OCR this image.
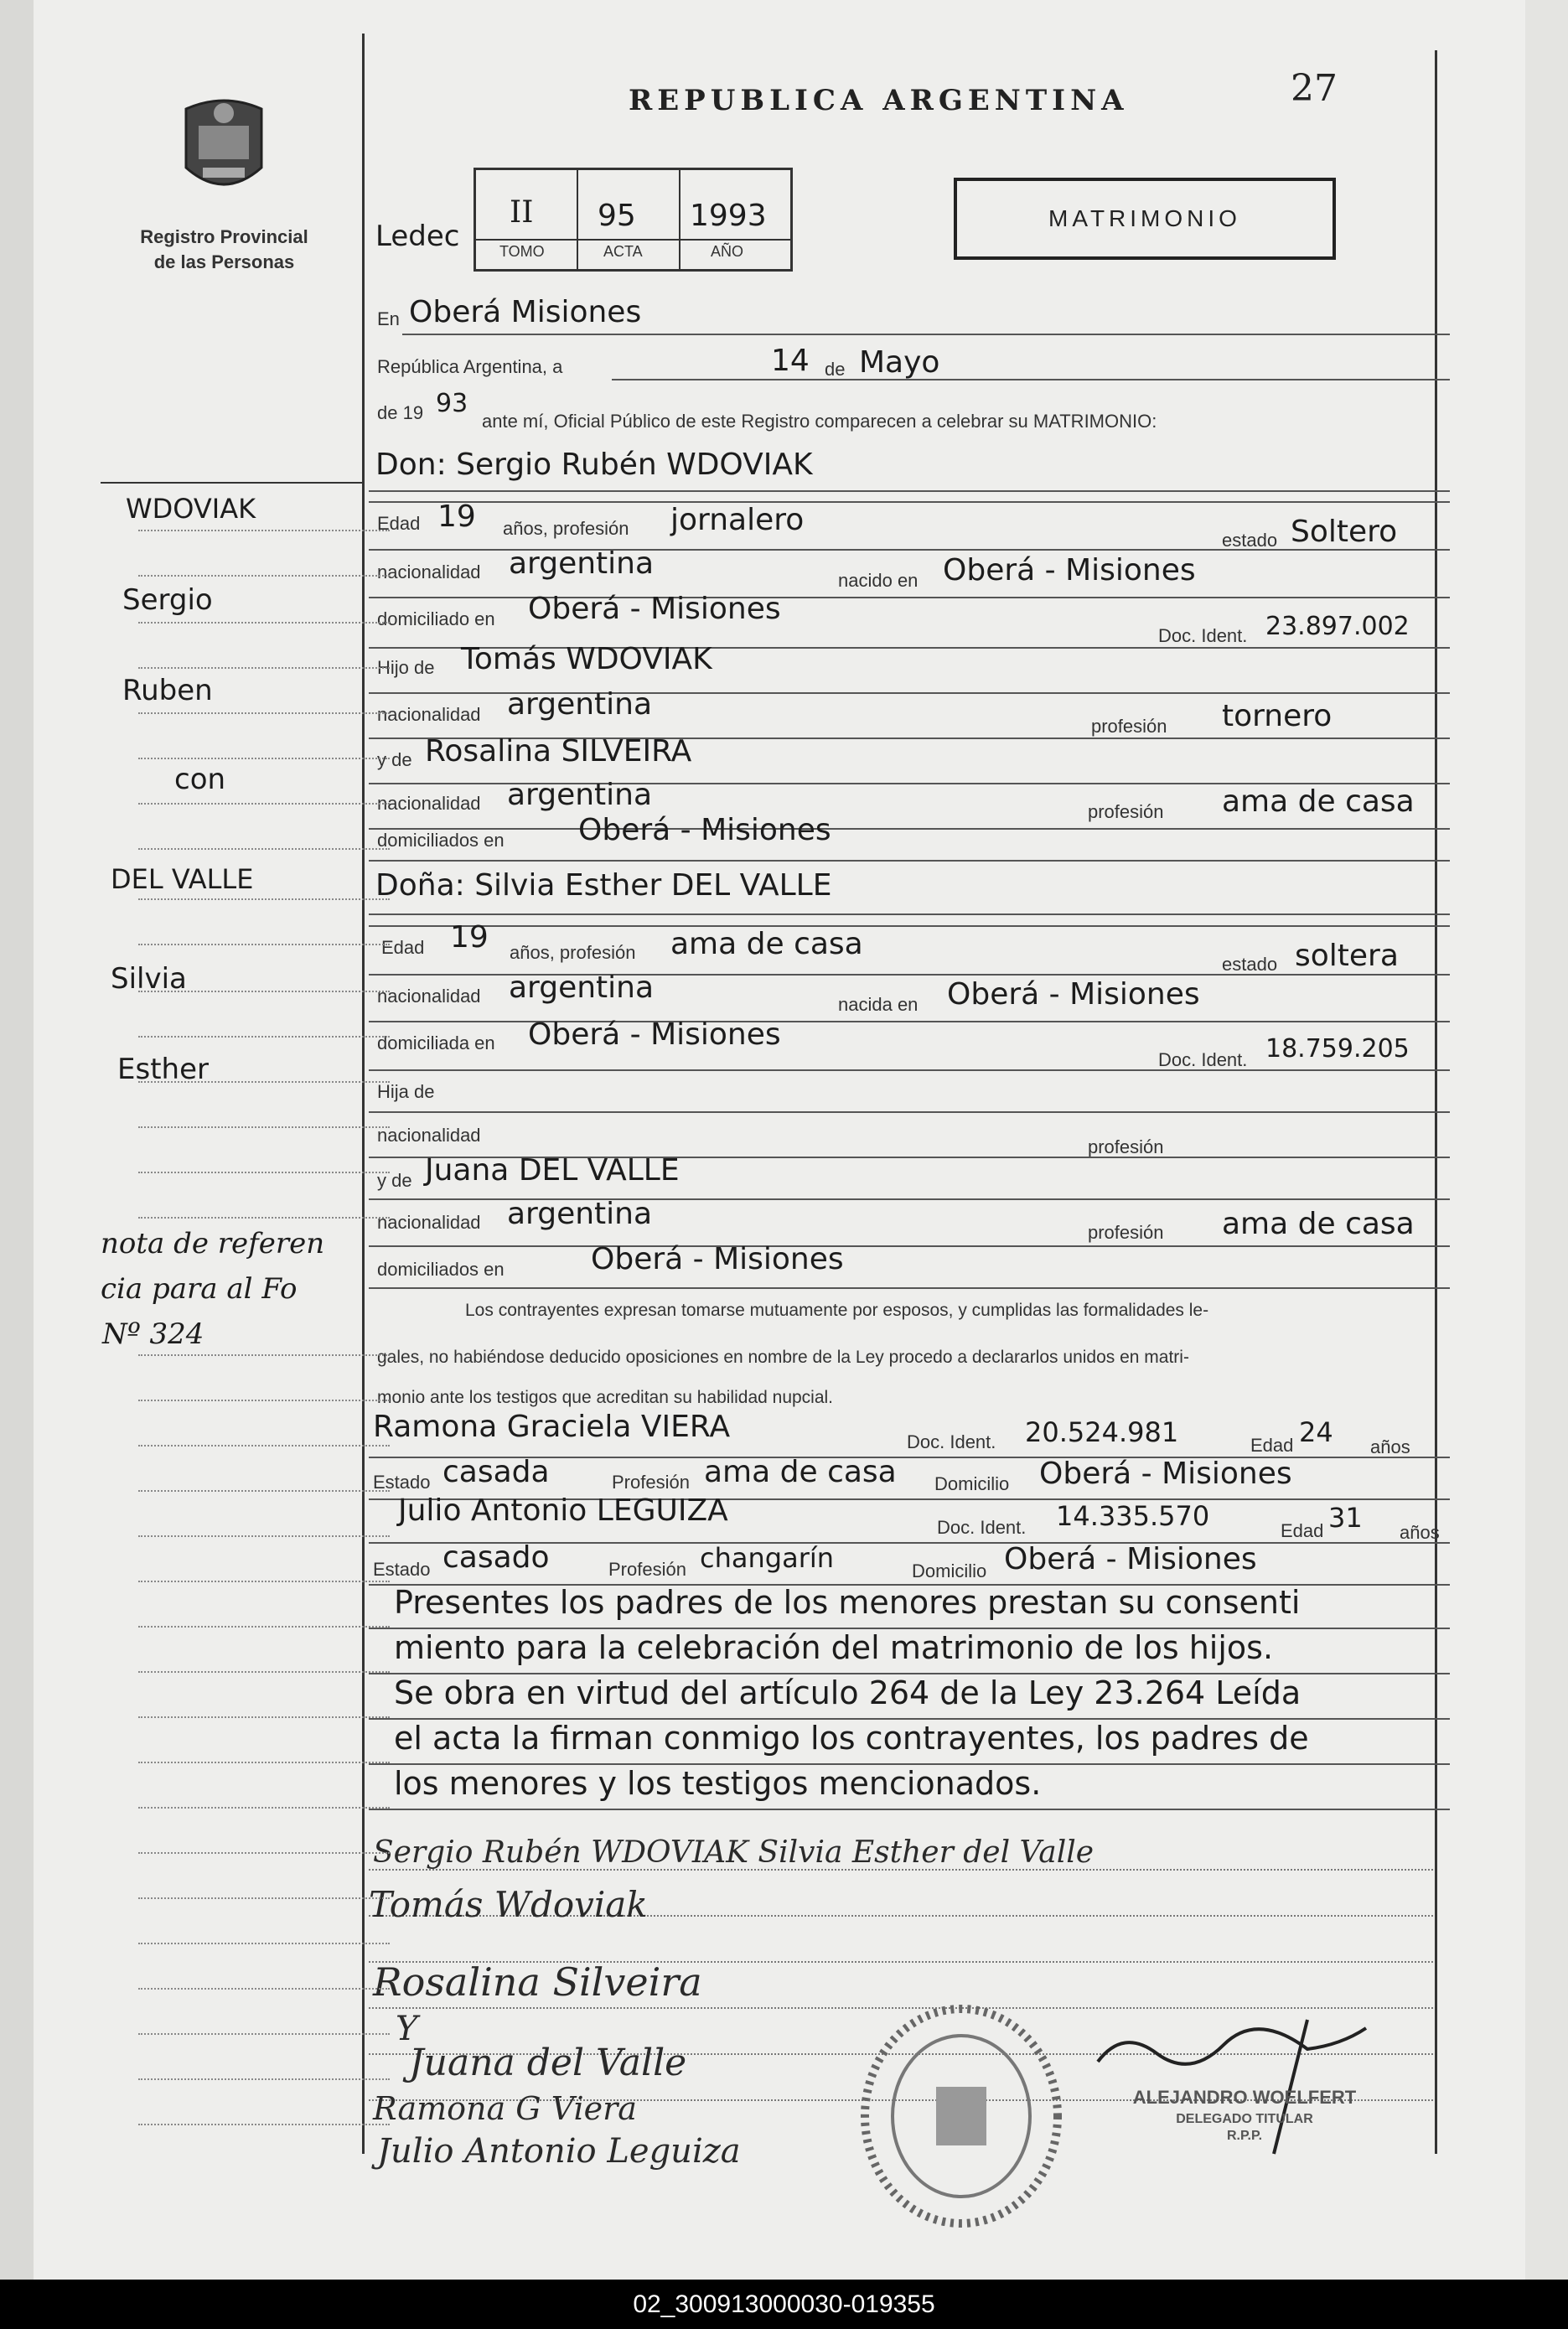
27
REPUBLICA ARGENTINA
Registro Provincial
de las Personas
Ledec
II 95 1993
TOMO	ACTA	AÑO
MATRIMONIO
En Oberá Misiones
República Argentina, a	14 de Mayo
de 19 93
ante mí, Oficial Público de este Registro comparecen a celebrar su MATRIMONIO:
Don: Sergio Rubén WDOVIAK
Edad 19 años, profesión jornalero
estado Soltero
nacionalidad argentina	nacido en Oberá - Misiones
domiciliado en Oberá - Misiones
Doc. Ident. 23.897.002
Hijo de Tomás WDOVIAK
nacionalidad argentina
profesión tornero
y de Rosalina SILVEIRA
nacionalidad argentina	profesión ama de casa
domiciliados en Oberá - Misiones
Doña: Silvia Esther DEL VALLE
Edad 19 años, profesión ama de casa
estado soltera
nacionalidad argentina	nacida en Oberá - Misiones
domiciliada en Oberá - Misiones
Doc. Ident. 18.759.205
Hija de
nacionalidad
profesión
y de Juana DEL VALLE
nacionalidad argentina
profesión ama de casa
domiciliados en	Oberá - Misiones
Los contrayentes expresan tomarse mutuamente por esposos, y cumplidas las formalidades le-
gales, no habiéndose deducido oposiciones en nombre de la Ley procedo a declararlos unidos en matri-
monio ante los testigos que acreditan su habilidad nupcial.
Ramona Graciela VIERA	Doc. Ident. 20.524.981	Edad 24 años
Estado casada	Profesión ama de casa Domicilio Oberá - Misiones
Julio Antonio LEGUIZA	Doc. Ident. 14.335.570	Edad 31 años
Estado casado	Profesión changarín	Domicilio Oberá - Misiones
Presentes los padres de los menores prestan su consenti
miento para la celebración del matrimonio de los hijos.
Se obra en virtud del artículo 264 de la Ley 23.264 Leída
el acta la firman conmigo los contrayentes, los padres de
los menores y los testigos mencionados.
Sergio Rubén WDOVIAK Silvia Esther del Valle
Tomás Wdoviak
Rosalina Silveira
Y
Juana del Valle
Ramona G Viera
Julio Antonio Leguiza
ALEJANDRO WOELFERT
DELEGADO TITULAR
R.P.P.
WDOVIAK
Sergio
Ruben
con
DEL VALLE
Silvia
Esther
nota de referen
cia para al Fo
Nº 324
02_300913000030-019355
